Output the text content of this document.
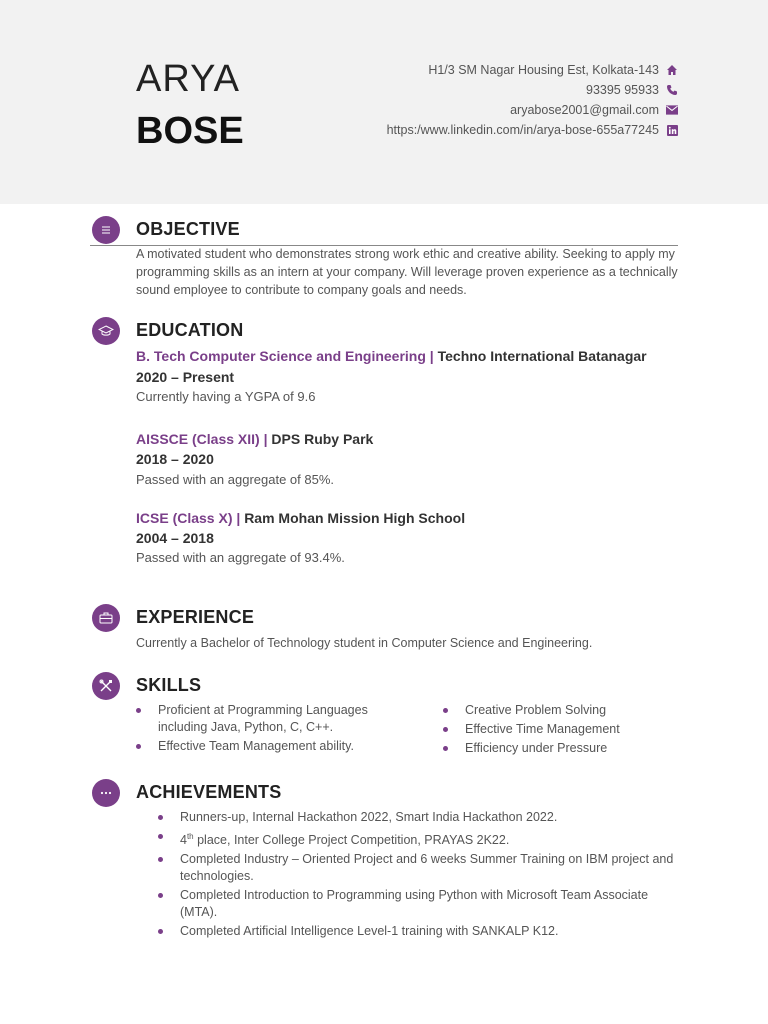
ARYA
BOSE
H1/3 SM Nagar Housing Est, Kolkata-143
93395 95933
aryabose2001@gmail.com
https:/www.linkedin.com/in/arya-bose-655a77245
OBJECTIVE
A motivated student who demonstrates strong work ethic and creative ability. Seeking to apply my programming skills as an intern at your company. Will leverage proven experience as a technically sound employee to contribute to company goals and needs.
EDUCATION
B. Tech Computer Science and Engineering | Techno International Batanagar
2020 – Present
Currently having a YGPA of 9.6
AISSCE (Class XII) | DPS Ruby Park
2018 – 2020
Passed with an aggregate of 85%.
ICSE (Class X) | Ram Mohan Mission High School
2004 – 2018
Passed with an aggregate of 93.4%.
EXPERIENCE
Currently a Bachelor of Technology student in Computer Science and Engineering.
SKILLS
Proficient at Programming Languages including Java, Python, C, C++.
Effective Team Management ability.
Creative Problem Solving
Effective Time Management
Efficiency under Pressure
ACHIEVEMENTS
Runners-up, Internal Hackathon 2022, Smart India Hackathon 2022.
4th place, Inter College Project Competition, PRAYAS 2K22.
Completed Industry – Oriented Project and 6 weeks Summer Training on IBM project and technologies.
Completed Introduction to Programming using Python with Microsoft Team Associate (MTA).
Completed Artificial Intelligence Level-1 training with SANKALP K12.
